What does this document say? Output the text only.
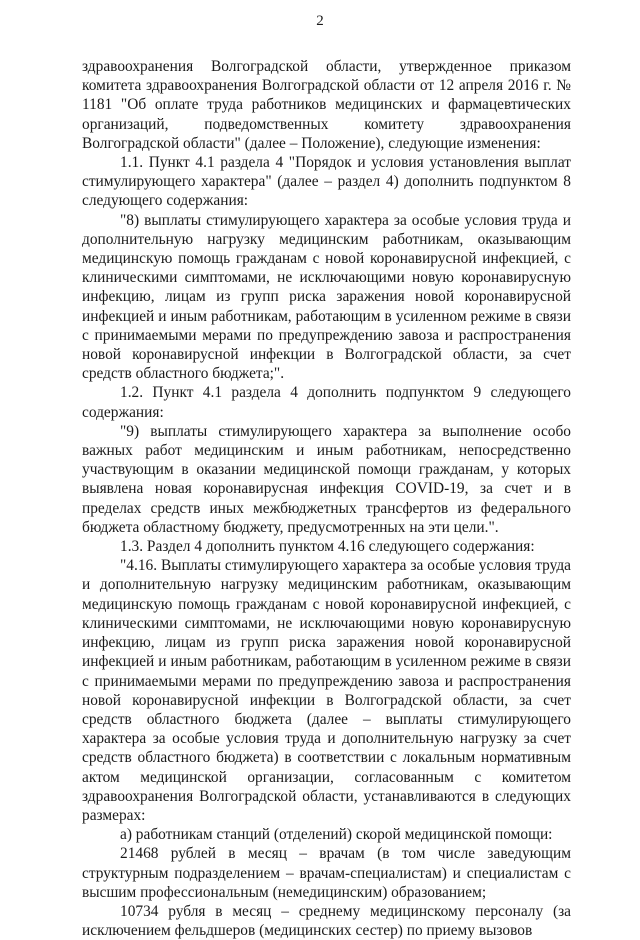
2

здравоохранения Волгоградской области, утвержденное приказом комитета здравоохранения Волгоградской области от 12 апреля 2016 г. № 1181 "Об оплате труда работников медицинских и фармацевтических организаций, подведомственных комитету здравоохранения Волгоградской области" (далее – Положение), следующие изменения:

1.1. Пункт 4.1 раздела 4 "Порядок и условия установления выплат стимулирующего характера" (далее – раздел 4) дополнить подпунктом 8 следующего содержания:

"8) выплаты стимулирующего характера за особые условия труда и дополнительную нагрузку медицинским работникам, оказывающим медицинскую помощь гражданам с новой коронавирусной инфекцией, с клиническими симптомами, не исключающими новую коронавирусную инфекцию, лицам из групп риска заражения новой коронавирусной инфекцией и иным работникам, работающим в усиленном режиме в связи с принимаемыми мерами по предупреждению завоза и распространения новой коронавирусной инфекции в Волгоградской области, за счет средств областного бюджета;".

1.2. Пункт 4.1 раздела 4 дополнить подпунктом 9 следующего содержания:

"9) выплаты стимулирующего характера за выполнение особо важных работ медицинским и иным работникам, непосредственно участвующим в оказании медицинской помощи гражданам, у которых выявлена новая коронавирусная инфекция COVID-19, за счет и в пределах средств иных межбюджетных трансфертов из федерального бюджета областному бюджету, предусмотренных на эти цели.".

1.3. Раздел 4 дополнить пунктом 4.16 следующего содержания:

"4.16. Выплаты стимулирующего характера за особые условия труда и дополнительную нагрузку медицинским работникам, оказывающим медицинскую помощь гражданам с новой коронавирусной инфекцией, с клиническими симптомами, не исключающими новую коронавирусную инфекцию, лицам из групп риска заражения новой коронавирусной инфекцией и иным работникам, работающим в усиленном режиме в связи с принимаемыми мерами по предупреждению завоза и распространения новой коронавирусной инфекции в Волгоградской области, за счет средств областного бюджета (далее – выплаты стимулирующего характера за особые условия труда и дополнительную нагрузку за счет средств областного бюджета) в соответствии с локальным нормативным актом медицинской организации, согласованным с комитетом здравоохранения Волгоградской области, устанавливаются в следующих размерах:

а) работникам станций (отделений) скорой медицинской помощи:

21468 рублей в месяц – врачам (в том числе заведующим структурным подразделением – врачам-специалистам) и специалистам с высшим профессиональным (немедицинским) образованием;

10734 рубля в месяц – среднему медицинскому персоналу (за исключением фельдшеров (медицинских сестер) по приему вызовов
